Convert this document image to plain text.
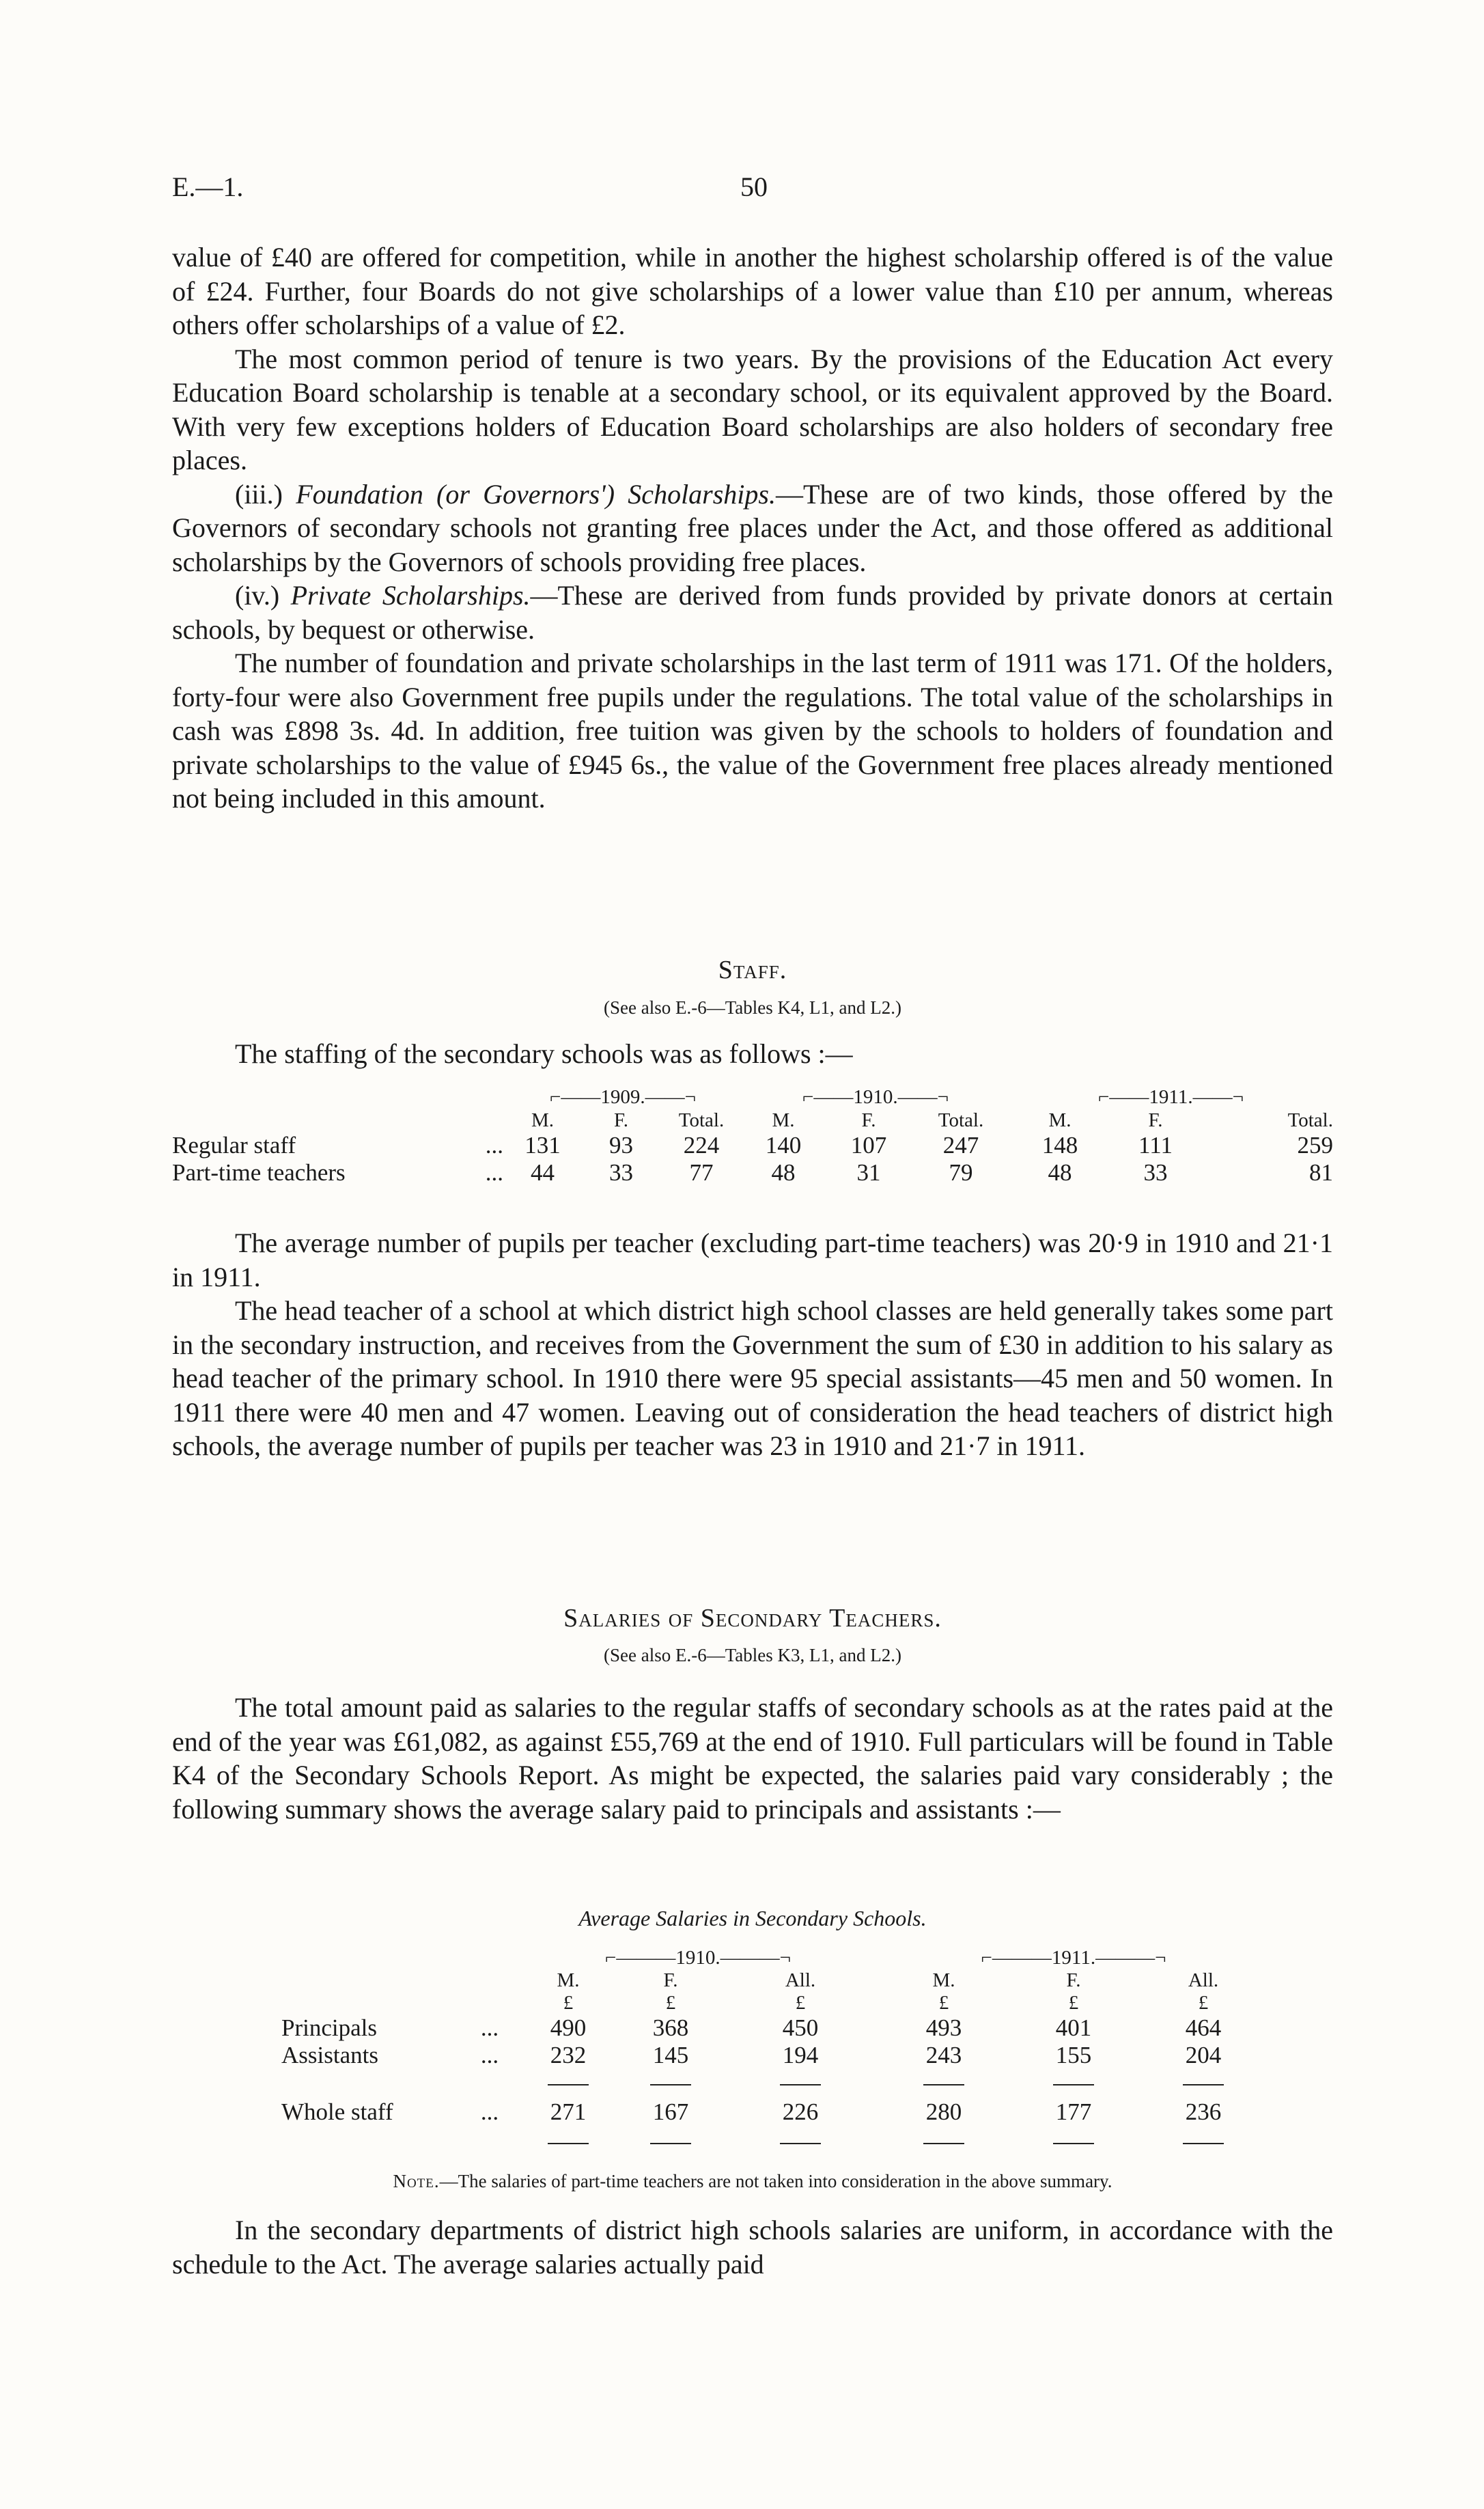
E.—1.	50

value of £40 are offered for competition, while in another the highest scholarship offered is of the value of £24. Further, four Boards do not give scholarships of a lower value than £10 per annum, whereas others offer scholarships of a value of £2.

The most common period of tenure is two years. By the provisions of the Education Act every Education Board scholarship is tenable at a secondary school, or its equivalent approved by the Board. With very few exceptions holders of Education Board scholarships are also holders of secondary free places.

(iii.) Foundation (or Governors') Scholarships.—These are of two kinds, those offered by the Governors of secondary schools not granting free places under the Act, and those offered as additional scholarships by the Governors of schools providing free places.

(iv.) Private Scholarships.—These are derived from funds provided by private donors at certain schools, by bequest or otherwise.

The number of foundation and private scholarships in the last term of 1911 was 171. Of the holders, forty-four were also Government free pupils under the regulations. The total value of the scholarships in cash was £898 3s. 4d. In addition, free tuition was given by the schools to holders of foundation and private scholarships to the value of £945 6s., the value of the Government free places already mentioned not being included in this amount.

Staff.
(See also E.-6—Tables K4, L1, and L2.)

The staffing of the secondary schools was as follows :—

		⌐——1909.——¬			⌐——1910.——¬			⌐——1911.——¬		
		M.	F.	Total.	M.	F.	Total.	M.	F.	Total.
Regular staff	...	131	93	224	140	107	247	148	111	259
Part-time teachers	...	44	33	77	48	31	79	48	33	81

The average number of pupils per teacher (excluding part-time teachers) was 20·9 in 1910 and 21·1 in 1911.

The head teacher of a school at which district high school classes are held generally takes some part in the secondary instruction, and receives from the Government the sum of £30 in addition to his salary as head teacher of the primary school. In 1910 there were 95 special assistants—45 men and 50 women. In 1911 there were 40 men and 47 women. Leaving out of consideration the head teachers of district high schools, the average number of pupils per teacher was 23 in 1910 and 21·7 in 1911.

Salaries of Secondary Teachers.
(See also E.-6—Tables K3, L1, and L2.)

The total amount paid as salaries to the regular staffs of secondary schools as at the rates paid at the end of the year was £61,082, as against £55,769 at the end of 1910. Full particulars will be found in Table K4 of the Secondary Schools Report. As might be expected, the salaries paid vary considerably ; the following summary shows the average salary paid to principals and assistants :—

Average Salaries in Secondary Schools.
		⌐———1910.———¬			⌐———1911.———¬		
		M.	F.	All.	M.	F.	All.
		£	£	£	£	£	£
Principals	...	490	368	450	493	401	464
Assistants	...	232	145	194	243	155	204

Whole staff	...	271	167	226	280	177	236

Note.—The salaries of part-time teachers are not taken into consideration in the above summary.

In the secondary departments of district high schools salaries are uniform, in accordance with the schedule to the Act. The average salaries actually paid
